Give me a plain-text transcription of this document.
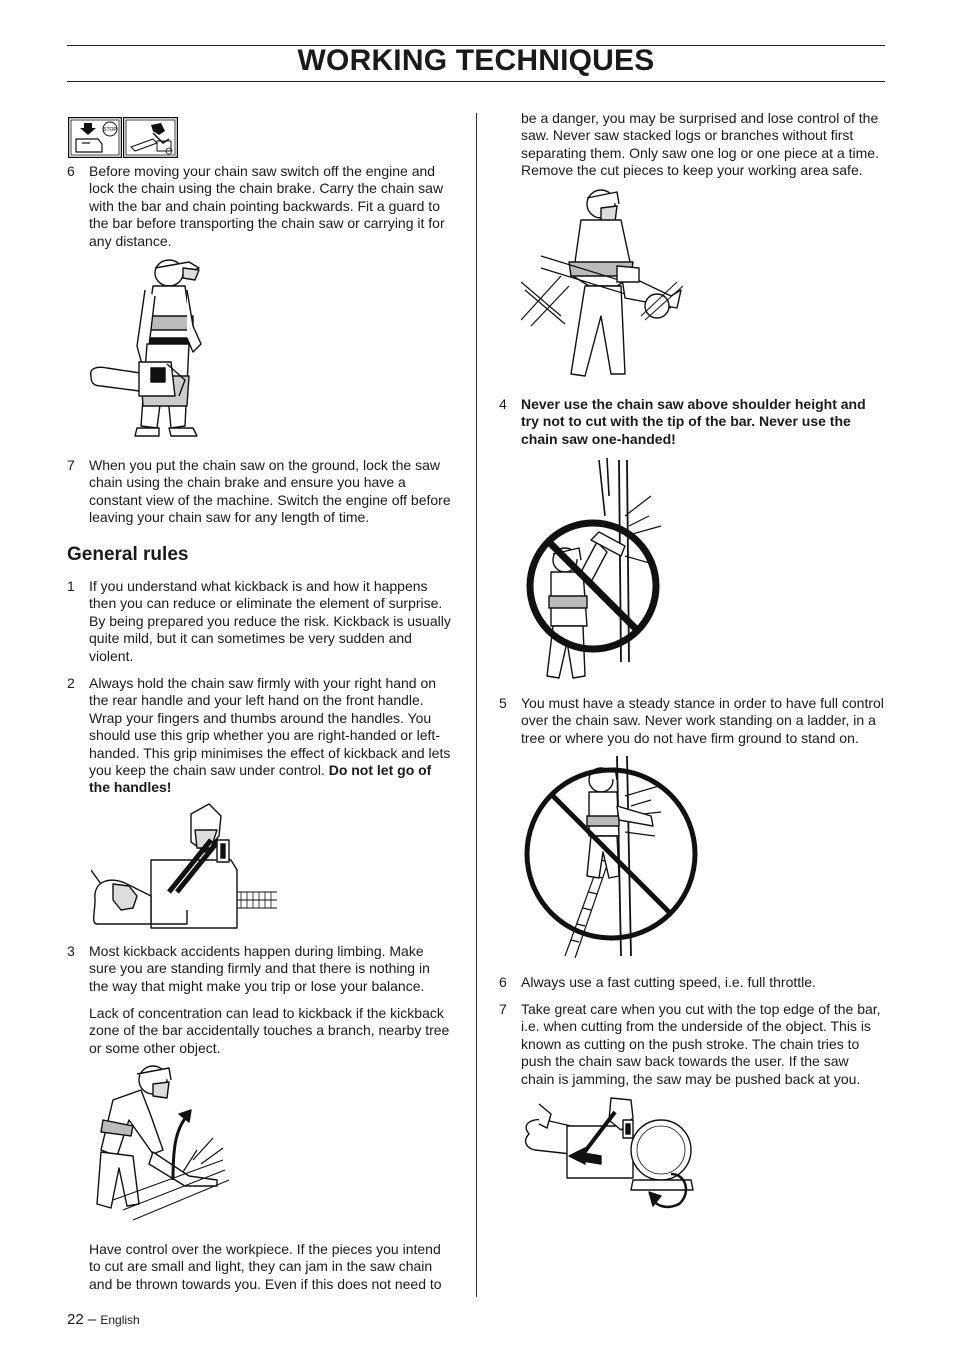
WORKING TECHNIQUES
STOP
6	Before moving your chain saw switch off the engine and lock the chain using the chain brake. Carry the chain saw with the bar and chain pointing backwards. Fit a guard to the bar before transporting the chain saw or carrying it for any distance.
7	When you put the chain saw on the ground, lock the saw chain using the chain brake and ensure you have a constant view of the machine. Switch the engine off before leaving your chain saw for any length of time.
General rules
1	If you understand what kickback is and how it happens then you can reduce or eliminate the element of surprise. By being prepared you reduce the risk. Kickback is usually quite mild, but it can sometimes be very sudden and violent.
2	Always hold the chain saw firmly with your right hand on the rear handle and your left hand on the front handle. Wrap your fingers and thumbs around the handles. You should use this grip whether you are right-handed or left-handed. This grip minimises the effect of kickback and lets you keep the chain saw under control. Do not let go of the handles!
3	Most kickback accidents happen during limbing. Make sure you are standing firmly and that there is nothing in the way that might make you trip or lose your balance.
Lack of concentration can lead to kickback if the kickback zone of the bar accidentally touches a branch, nearby tree or some other object.
Have control over the workpiece. If the pieces you intend to cut are small and light, they can jam in the saw chain and be thrown towards you. Even if this does not need to
be a danger, you may be surprised and lose control of the saw. Never saw stacked logs or branches without first separating them. Only saw one log or one piece at a time. Remove the cut pieces to keep your working area safe.
4	Never use the chain saw above shoulder height and try not to cut with the tip of the bar. Never use the chain saw one-handed!
5	You must have a steady stance in order to have full control over the chain saw. Never work standing on a ladder, in a tree or where you do not have firm ground to stand on.
6	Always use a fast cutting speed, i.e. full throttle.
7	Take great care when you cut with the top edge of the bar, i.e. when cutting from the underside of the object. This is known as cutting on the push stroke. The chain tries to push the chain saw back towards the user. If the saw chain is jamming, the saw may be pushed back at you.
22 – English
